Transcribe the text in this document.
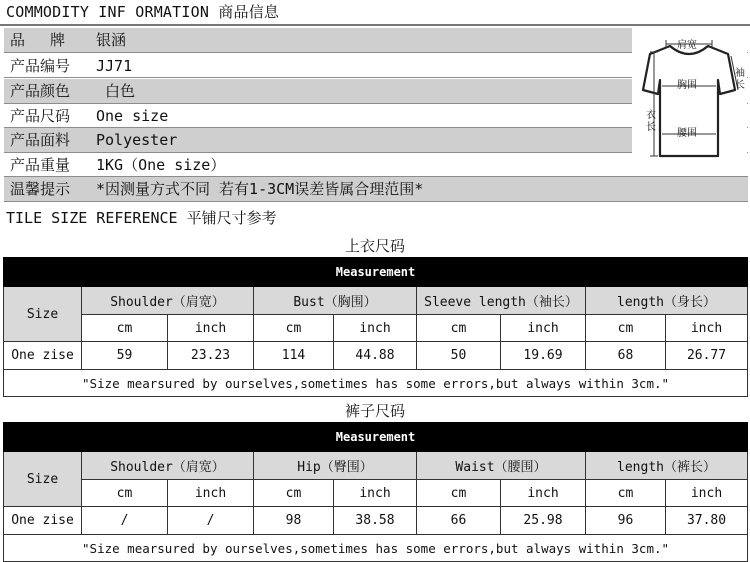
COMMODITY INF ORMATION 商品信息
品牌 银涵
产品编号	JJ71
产品颜色	白色
产品尺码	One size
产品面料	Polyester
产品重量	1KG（One size）
温馨提示	*因测量方式不同 若有1-3CM误差皆属合理范围*
肩宽
胸围
袖长
衣长
腰围
TILE SIZE REFERENCE 平铺尺寸参考
上衣尺码
Measurement								
Size	Shoulder（肩宽）		Bust（胸围）		Sleeve length（袖长）		length（身长）	
	cm	inch	cm	inch	cm	inch	cm	inch
One zise	59	23.23	114	44.88	50	19.69	68	26.77
"Size mearsured by ourselves,sometimes has some errors,but always within 3cm."								
裤子尺码
Measurement								
Size	Shoulder（肩宽）		Hip（臀围）		Waist（腰围）		length（裤长）	
	cm	inch	cm	inch	cm	inch	cm	inch
One zise	/	/	98	38.58	66	25.98	96	37.80
"Size mearsured by ourselves,sometimes has some errors,but always within 3cm."								
